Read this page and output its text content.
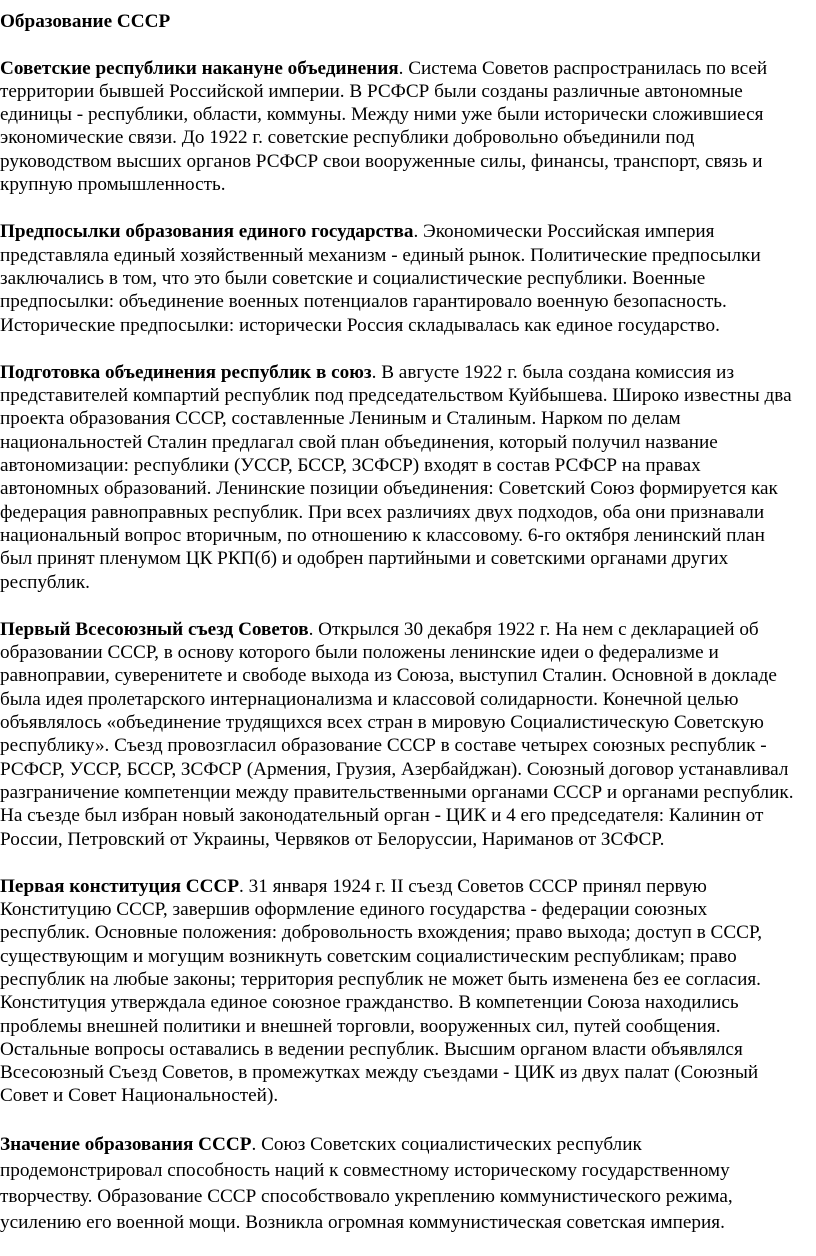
Образование СССР

Советские республики накануне объединения. Система Советов распространилась по всей территории бывшей Российской империи. В РСФСР были созданы различные автономные единицы - республики, области, коммуны. Между ними уже были исторически сложившиеся экономические связи. До 1922 г. советские республики добровольно объединили под руководством высших органов РСФСР свои вооруженные силы, финансы, транспорт, связь и крупную промышленность.

Предпосылки образования единого государства. Экономически Российская империя представляла единый хозяйственный механизм - единый рынок. Политические предпосылки заключались в том, что это были советские и социалистические республики. Военные предпосылки: объединение военных потенциалов гарантировало военную безопасность. Исторические предпосылки: исторически Россия складывалась как единое государство.

Подготовка объединения республик в союз. В августе 1922 г. была создана комиссия из представителей компартий республик под председательством Куйбышева. Широко известны два проекта образования СССР, составленные Лениным и Сталиным. Нарком по делам национальностей Сталин предлагал свой план объединения, который получил название автономизации: республики (УССР, БССР, ЗСФСР) входят в состав РСФСР на правах автономных образований. Ленинские позиции объединения: Советский Союз формируется как федерация равноправных республик. При всех различиях двух подходов, оба они признавали национальный вопрос вторичным, по отношению к классовому. 6-го октября ленинский план был принят пленумом ЦК РКП(б) и одобрен партийными и советскими органами других республик.

Первый Всесоюзный съезд Советов. Открылся 30 декабря 1922 г. На нем с декларацией об образовании СССР, в основу которого были положены ленинские идеи о федерализме и равноправии, суверенитете и свободе выхода из Союза, выступил Сталин. Основной в докладе была идея пролетарского интернационализма и классовой солидарности. Конечной целью объявлялось «объединение трудящихся всех стран в мировую Социалистическую Советскую республику». Съезд провозгласил образование СССР в составе четырех союзных республик - РСФСР, УССР, БССР, ЗСФСР (Армения, Грузия, Азербайджан). Союзный договор устанавливал разграничение компетенции между правительственными органами СССР и органами республик. На съезде был избран новый законодательный орган - ЦИК и 4 его председателя: Калинин от России, Петровский от Украины, Червяков от Белоруссии, Нариманов от ЗСФСР.

Первая конституция СССР. 31 января 1924 г. II съезд Советов СССР принял первую Конституцию СССР, завершив оформление единого государства - федерации союзных республик. Основные положения: добровольность вхождения; право выхода; доступ в СССР, существующим и могущим возникнуть советским социалистическим республикам; право республик на любые законы; территория республик не может быть изменена без ее согласия. Конституция утверждала единое союзное гражданство. В компетенции Союза находились проблемы внешней политики и внешней торговли, вооруженных сил, путей сообщения. Остальные вопросы оставались в ведении республик. Высшим органом власти объявлялся Всесоюзный Съезд Советов, в промежутках между съездами - ЦИК из двух палат (Союзный Совет и Совет Национальностей).

Значение образования СССР. Союз Советских социалистических республик продемонстрировал способность наций к совместному историческому государственному творчеству. Образование СССР способствовало укреплению коммунистического режима, усилению его военной мощи. Возникла огромная коммунистическая советская империя.
